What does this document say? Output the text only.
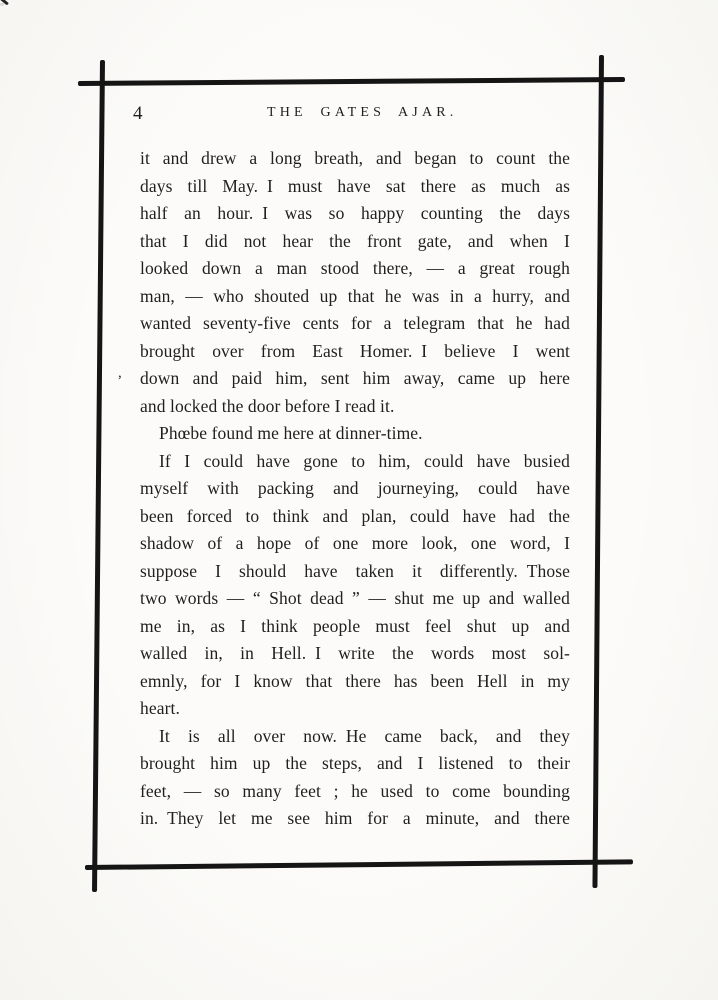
4	THE GATES AJAR.
it and drew a long breath, and began to count the
days till May. I must have sat there as much as
half an hour. I was so happy counting the days
that I did not hear the front gate, and when I
looked down a man stood there, — a great rough
man, — who shouted up that he was in a hurry, and
wanted seventy-five cents for a telegram that he had
brought over from East Homer. I believe I went
down and paid him, sent him away, came up here
and locked the door before I read it.
Phœbe found me here at dinner-time.
If I could have gone to him, could have busied
myself with packing and journeying, could have
been forced to think and plan, could have had the
shadow of a hope of one more look, one word, I
suppose I should have taken it differently. Those
two words — “ Shot dead ” — shut me up and walled
me in, as I think people must feel shut up and
walled in, in Hell. I write the words most sol-
emnly, for I know that there has been Hell in my
heart.
It is all over now. He came back, and they
brought him up the steps, and I listened to their
feet, — so many feet ; he used to come bounding
in. They let me see him for a minute, and there
,
